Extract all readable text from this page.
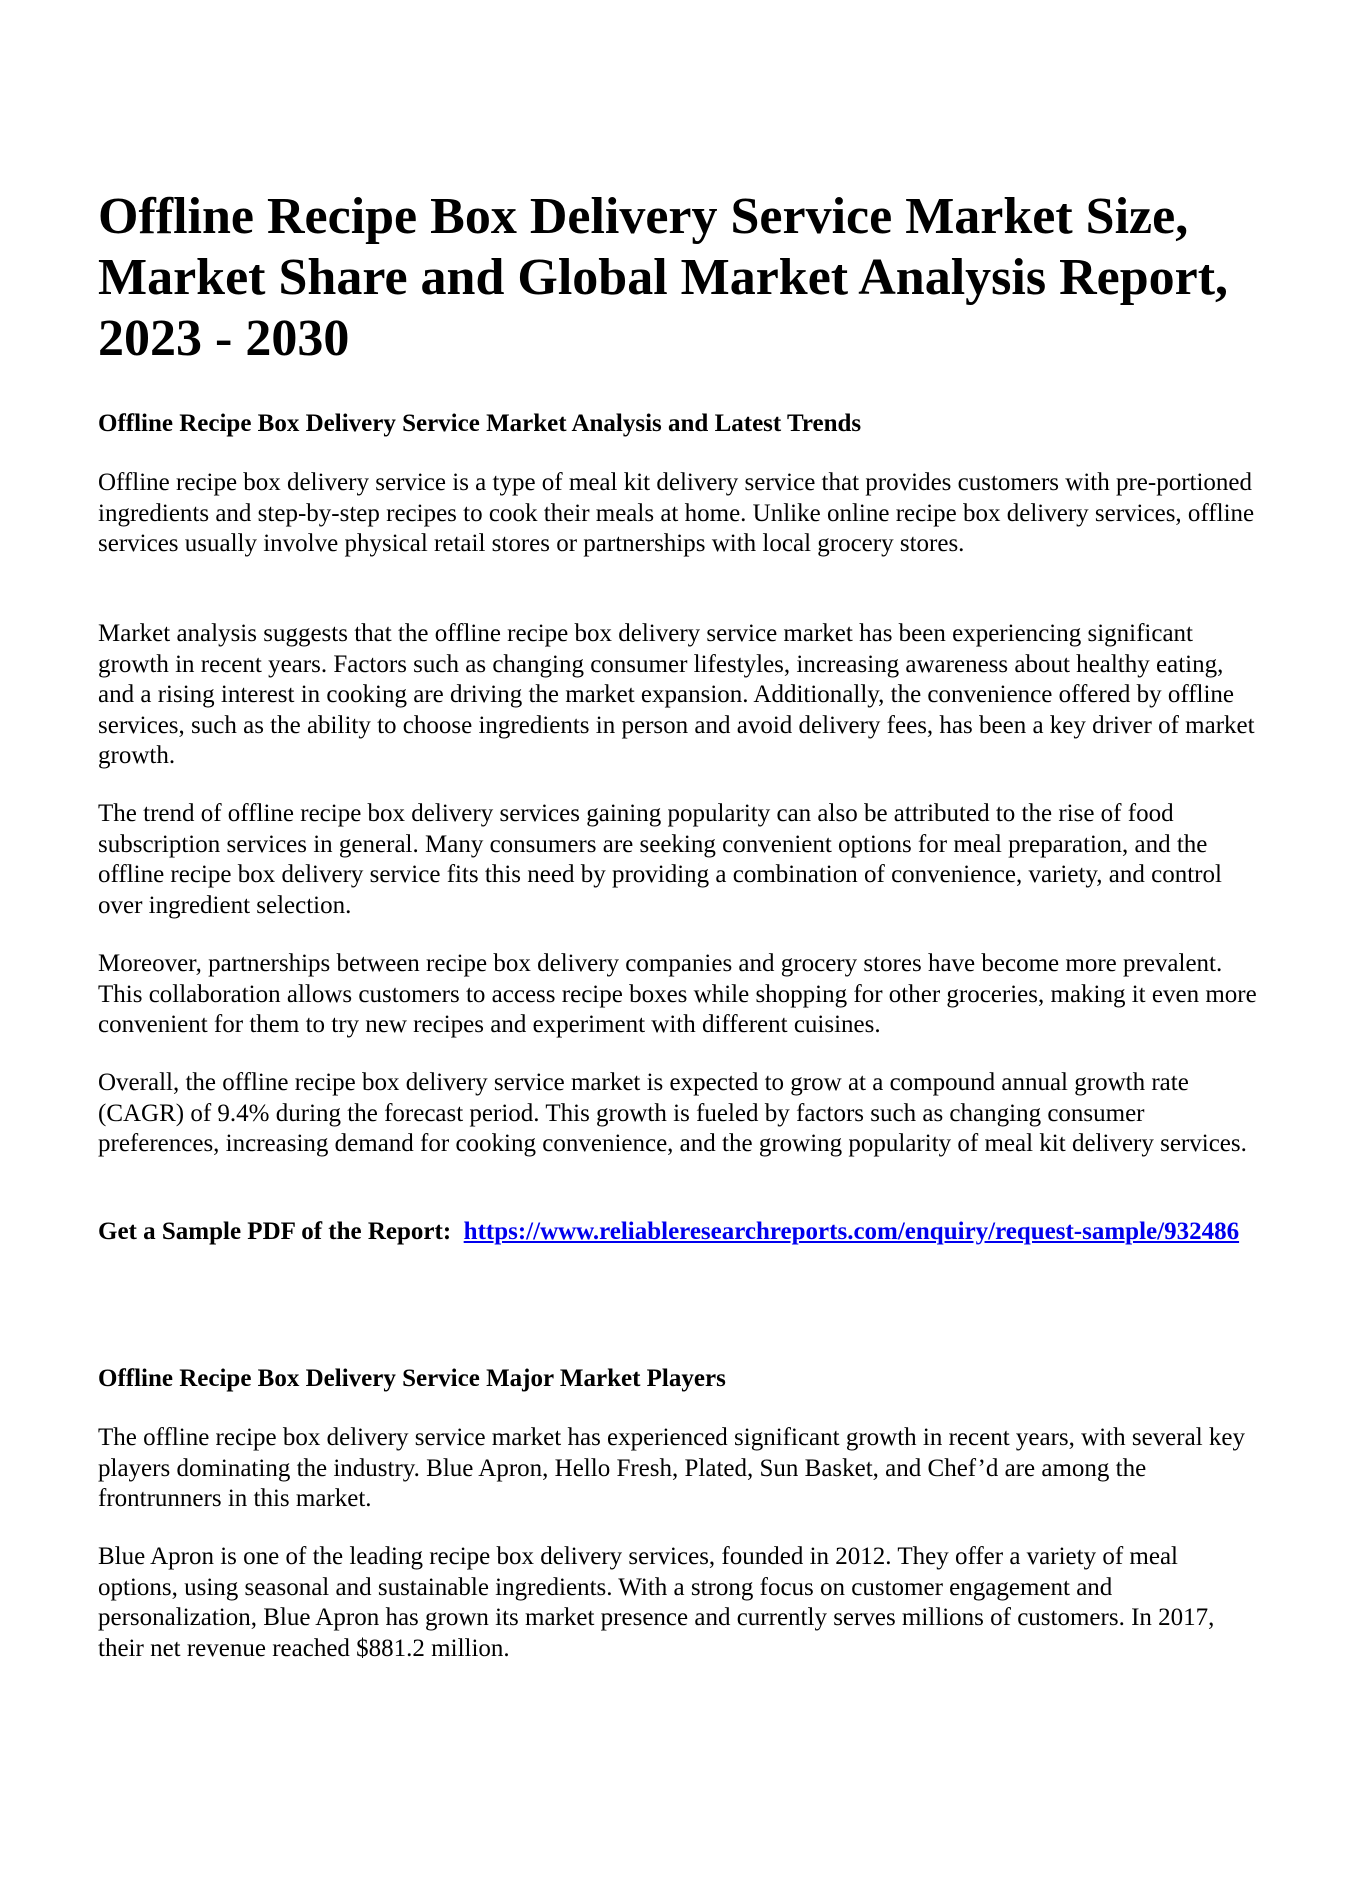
Offline Recipe Box Delivery Service Market Size, Market Share and Global Market Analysis Report, 2023 - 2030
Offline Recipe Box Delivery Service Market Analysis and Latest Trends

Offline recipe box delivery service is a type of meal kit delivery service that provides customers with pre-portioned ingredients and step-by-step recipes to cook their meals at home. Unlike online recipe box delivery services, offline services usually involve physical retail stores or partnerships with local grocery stores.

Market analysis suggests that the offline recipe box delivery service market has been experiencing significant growth in recent years. Factors such as changing consumer lifestyles, increasing awareness about healthy eating, and a rising interest in cooking are driving the market expansion. Additionally, the convenience offered by offline services, such as the ability to choose ingredients in person and avoid delivery fees, has been a key driver of market growth.

The trend of offline recipe box delivery services gaining popularity can also be attributed to the rise of food subscription services in general. Many consumers are seeking convenient options for meal preparation, and the offline recipe box delivery service fits this need by providing a combination of convenience, variety, and control over ingredient selection.

Moreover, partnerships between recipe box delivery companies and grocery stores have become more prevalent. This collaboration allows customers to access recipe boxes while shopping for other groceries, making it even more convenient for them to try new recipes and experiment with different cuisines.

Overall, the offline recipe box delivery service market is expected to grow at a compound annual growth rate (CAGR) of 9.4% during the forecast period. This growth is fueled by factors such as changing consumer preferences, increasing demand for cooking convenience, and the growing popularity of meal kit delivery services.

Get a Sample PDF of the Report: https://www.reliableresearchreports.com/enquiry/request-sample/932486

Offline Recipe Box Delivery Service Major Market Players

The offline recipe box delivery service market has experienced significant growth in recent years, with several key players dominating the industry. Blue Apron, Hello Fresh, Plated, Sun Basket, and Chef’d are among the frontrunners in this market.

Blue Apron is one of the leading recipe box delivery services, founded in 2012. They offer a variety of meal options, using seasonal and sustainable ingredients. With a strong focus on customer engagement and personalization, Blue Apron has grown its market presence and currently serves millions of customers. In 2017, their net revenue reached $881.2 million.
